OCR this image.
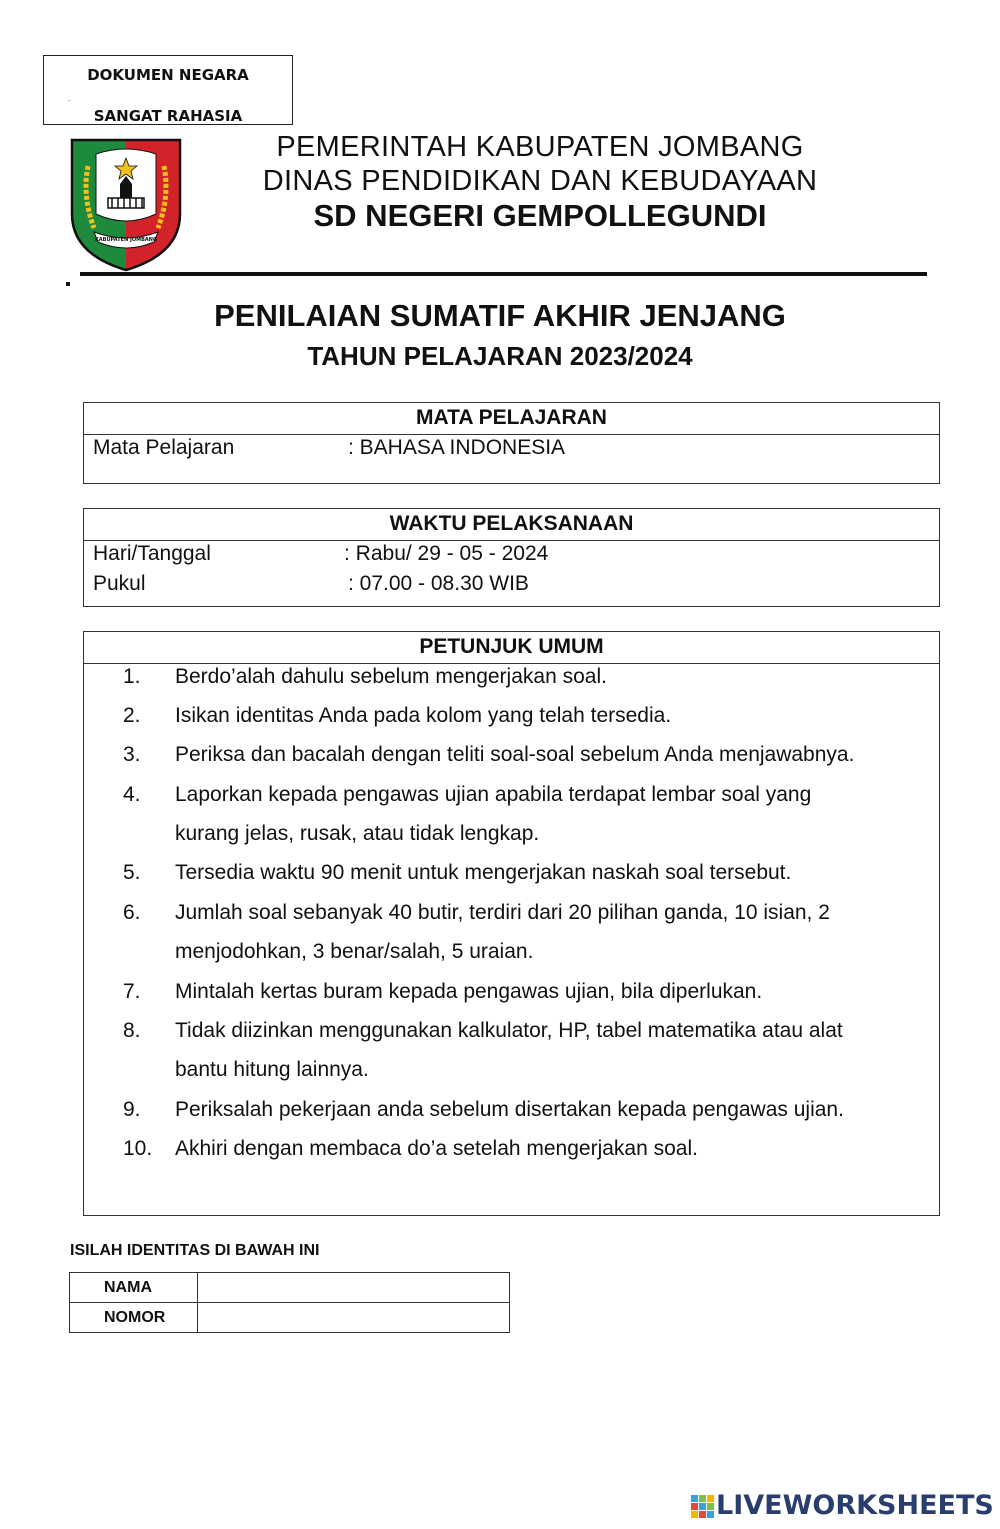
DOKUMEN NEGARA
.
SANGAT RAHASIA
KABUPATEN JOMBANG
PEMERINTAH KABUPATEN JOMBANG
DINAS PENDIDIKAN DAN KEBUDAYAAN
SD NEGERI GEMPOLLEGUNDI
PENILAIAN SUMATIF AKHIR JENJANG
TAHUN PELAJARAN 2023/2024
MATA PELAJARAN
Mata Pelajaran	: BAHASA INDONESIA
WAKTU PELAKSANAAN
Hari/Tanggal	: Rabu/ 29 - 05 - 2024
Pukul	: 07.00 - 08.30 WIB
PETUNJUK UMUM
1. Berdo’alah dahulu sebelum mengerjakan soal.
2. Isikan identitas Anda pada kolom yang telah tersedia.
3. Periksa dan bacalah dengan teliti soal-soal sebelum Anda menjawabnya.
4. Laporkan kepada pengawas ujian apabila terdapat lembar soal yang
kurang jelas, rusak, atau tidak lengkap.
5. Tersedia waktu 90 menit untuk mengerjakan naskah soal tersebut.
6. Jumlah soal sebanyak 40 butir, terdiri dari 20 pilihan ganda, 10 isian, 2
menjodohkan, 3 benar/salah, 5 uraian.
7. Mintalah kertas buram kepada pengawas ujian, bila diperlukan.
8. Tidak diizinkan menggunakan kalkulator, HP, tabel matematika atau alat
bantu hitung lainnya.
9. Periksalah pekerjaan anda sebelum disertakan kepada pengawas ujian.
10. Akhiri dengan membaca do’a setelah mengerjakan soal.
ISILAH IDENTITAS DI BAWAH INI
NAMA	
NOMOR	
LIVEWORKSHEETS
